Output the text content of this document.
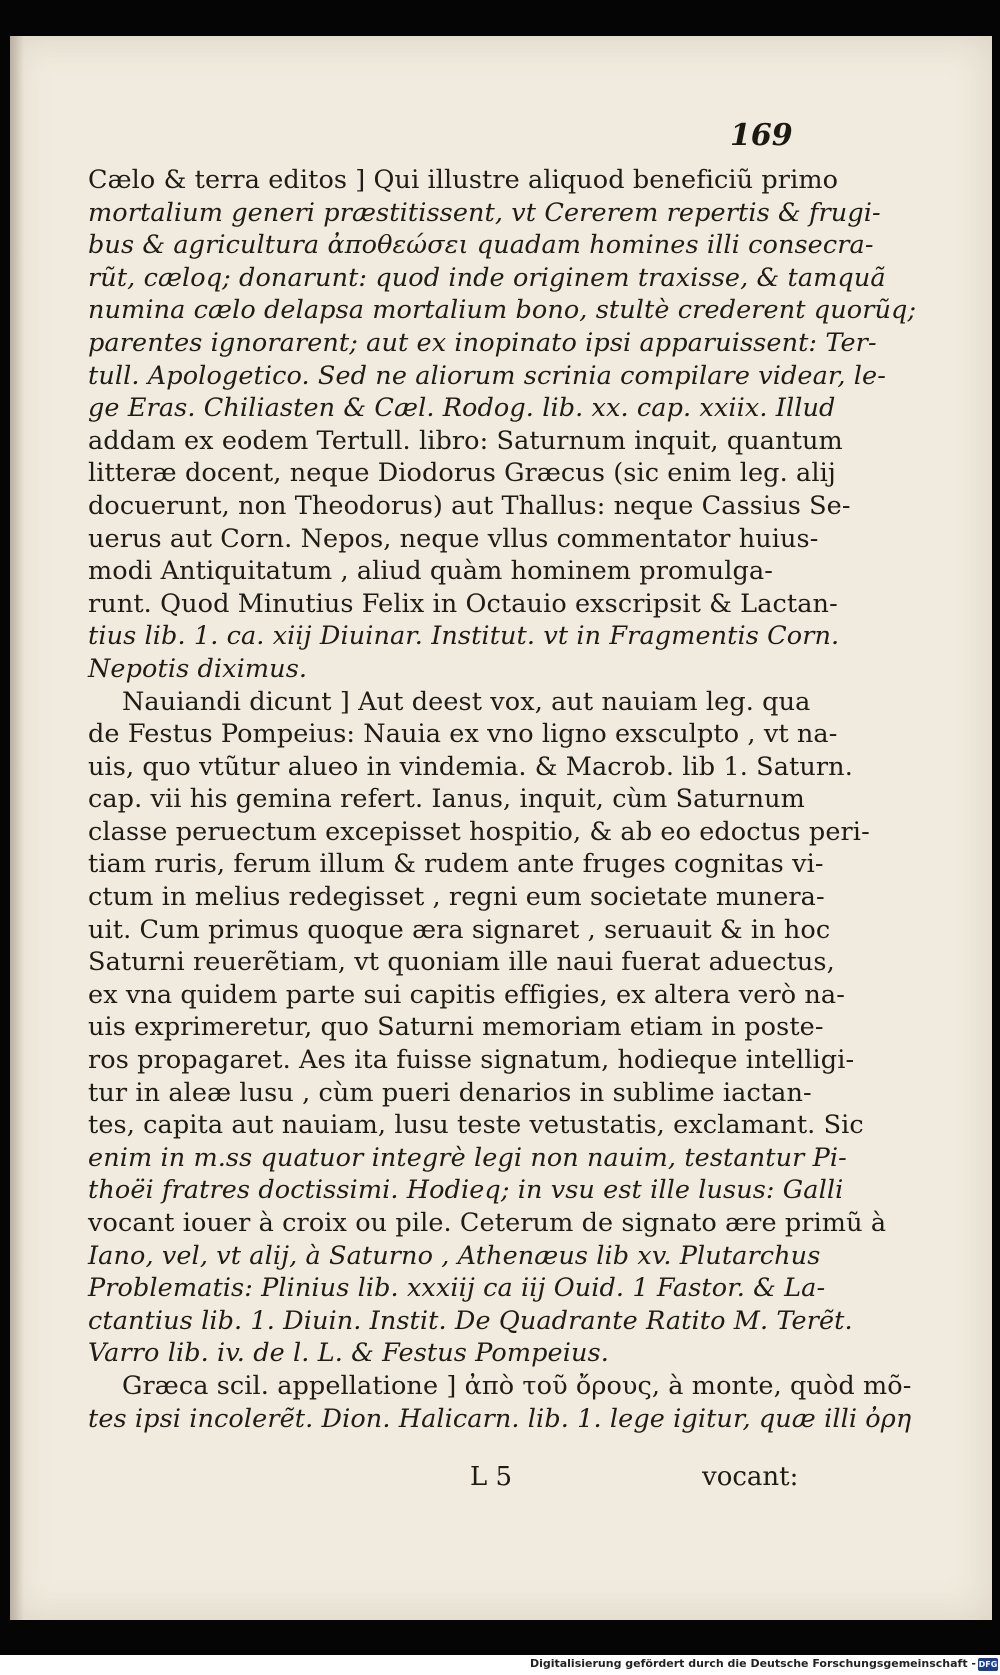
169
Cælo & terra editos ] Qui illustre aliquod beneficiũ primo
mortalium generi præstitissent, vt Cererem repertis & frugi-
bus & agricultura ἀποθεώσει quadam homines illi consecra-
rũt, cæloq; donarunt: quod inde originem traxisse, & tamquã
numina cælo delapsa mortalium bono, stultè crederent quorũq;
parentes ignorarent; aut ex inopinato ipsi apparuissent: Ter-
tull. Apologetico. Sed ne aliorum scrinia compilare videar, le-
ge Eras. Chiliasten & Cæl. Rodog. lib. xx. cap. xxiix. Illud
addam ex eodem Tertull. libro: Saturnum inquit, quantum
litteræ docent, neque Diodorus Græcus (sic enim leg. alij
docuerunt, non Theodorus) aut Thallus: neque Cassius Se-
uerus aut Corn. Nepos, neque vllus commentator huius-
modi Antiquitatum , aliud quàm hominem promulga-
runt. Quod Minutius Felix in Octauio exscripsit & Lactan-
tius lib. 1. ca. xiij Diuinar. Institut. vt in Fragmentis Corn.
Nepotis diximus.
Nauiandi dicunt ] Aut deest vox, aut nauiam leg. qua
de Festus Pompeius: Nauia ex vno ligno exsculpto , vt na-
uis, quo vtũtur alueo in vindemia. & Macrob. lib 1. Saturn.
cap. vii his gemina refert. Ianus, inquit, cùm Saturnum
classe peruectum excepisset hospitio, & ab eo edoctus peri-
tiam ruris, ferum illum & rudem ante fruges cognitas vi-
ctum in melius redegisset , regni eum societate munera-
uit. Cum primus quoque æra signaret , seruauit & in hoc
Saturni reuerẽtiam, vt quoniam ille naui fuerat aduectus,
ex vna quidem parte sui capitis effigies, ex altera verò na-
uis exprimeretur, quo Saturni memoriam etiam in poste-
ros propagaret. Aes ita fuisse signatum, hodieque intelligi-
tur in aleæ lusu , cùm pueri denarios in sublime iactan-
tes, capita aut nauiam, lusu teste vetustatis, exclamant. Sic
enim in m.ss quatuor integrè legi non nauim, testantur Pi-
thoëi fratres doctissimi. Hodieq; in vsu est ille lusus: Galli
vocant iouer à croix ou pile. Ceterum de signato ære primũ à
Iano, vel, vt alij, à Saturno , Athenæus lib xv. Plutarchus
Problematis: Plinius lib. xxxiij ca iij Ouid. 1 Fastor. & La-
ctantius lib. 1. Diuin. Instit. De Quadrante Ratito M. Terẽt.
Varro lib. iv. de l. L. & Festus Pompeius.
Græca scil. appellatione ] ἀπὸ τοῦ ὄρους, à monte, quòd mõ-
tes ipsi incolerẽt. Dion. Halicarn. lib. 1. lege igitur, quæ illi ὀρη
L 5	vocant:
Digitalisierung gefördert durch die Deutsche Forschungsgemeinschaft - DFG
